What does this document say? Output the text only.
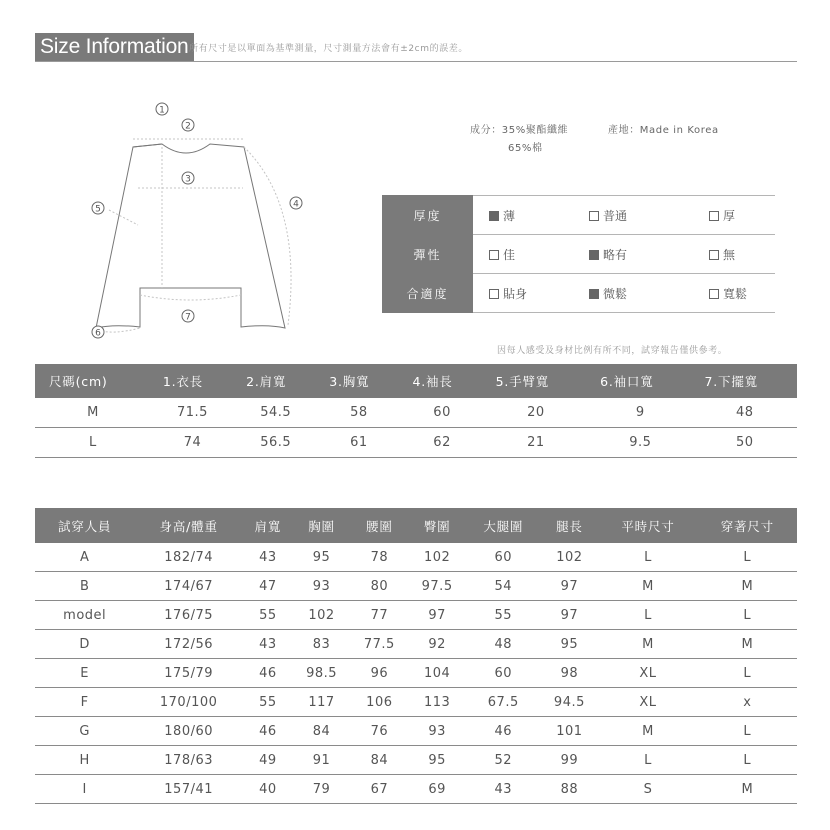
Size Information 所有尺寸是以單面為基準測量，尺寸測量方法會有±2cm的誤差。
1
2
3
4
5
6
7
成分：35%聚酯纖維
65%棉
產地：Made in Korea
厚度	薄	普通	厚
彈性	佳	略有	無
合適度	貼身	微鬆	寬鬆
因每人感受及身材比例有所不同，試穿報告僅供參考。
尺碼(cm)	1.衣長	2.肩寬	3.胸寬	4.袖長	5.手臂寬	6.袖口寬	7.下擺寬
M	71.5	54.5	58	60	20	9	48
L	74	56.5	61	62	21	9.5	50
試穿人員	身高/體重	肩寬	胸圍	腰圍	臀圍	大腿圍	腿長	平時尺寸	穿著尺寸
A	182/74	43	95	78	102	60	102	L	L
B	174/67	47	93	80	97.5	54	97	M	M
model	176/75	55	102	77	97	55	97	L	L
D	172/56	43	83	77.5	92	48	95	M	M
E	175/79	46	98.5	96	104	60	98	XL	L
F	170/100	55	117	106	113	67.5	94.5	XL	x
G	180/60	46	84	76	93	46	101	M	L
H	178/63	49	91	84	95	52	99	L	L
I	157/41	40	79	67	69	43	88	S	M
